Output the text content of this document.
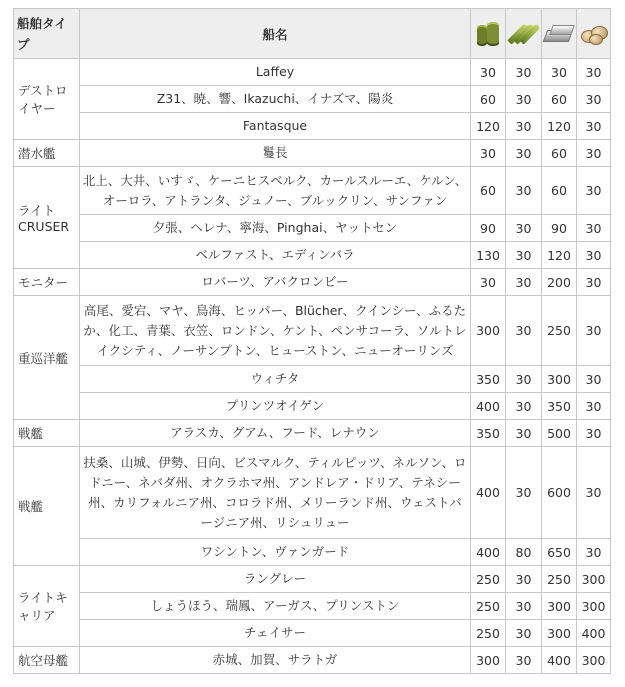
船舶タイプ	船名	

デストロイヤー	Laffey	30	30	30	30
	Z31、暁、響、Ikazuchi、イナズマ、陽炎	60	30	60	30
	Fantasque	120	30	120	30
潜水艦	鬘長	30	30	60	30
ライトCRUSER	北上、大井、いすゞ、ケーニヒスベルク、カールスルーエ、ケルン、オーロラ、アトランタ、ジュノー、ブルックリン、サンファン	60	30	60	30
	夕張、ヘレナ、寧海、Pinghai、ヤットセン	90	30	90	30
	ベルファスト、エディンバラ	130	30	120	30
モニター	ロバーツ、アバクロンビー	30	30	200	30
重巡洋艦	高尾、愛宕、マヤ、鳥海、ヒッパー、Blücher、クインシー、ふるたか、化工、青葉、衣笠、ロンドン、ケント、ペンサコーラ、ソルトレイクシティ、ノーサンプトン、ヒューストン、ニューオーリンズ	300	30	250	30
	ウィチタ	350	30	300	30
	プリンツオイゲン	400	30	350	30
戦艦	アラスカ、グアム、フード、レナウン	350	30	500	30
戦艦	扶桑、山城、伊勢、日向、ビスマルク、ティルピッツ、ネルソン、ロドニー、ネバダ州、オクラホマ州、アンドレア・ドリア、テネシー州、カリフォルニア州、コロラド州、メリーランド州、ウェストバージニア州、リシュリュー	400	30	600	30
	ワシントン、ヴァンガード	400	80	650	30
ライトキャリア	ラングレー	250	30	250	300
	しょうほう、瑞鳳、アーガス、プリンストン	250	30	300	300
	チェイサー	250	30	300	400
航空母艦	赤城、加賀、サラトガ	300	30	400	300
